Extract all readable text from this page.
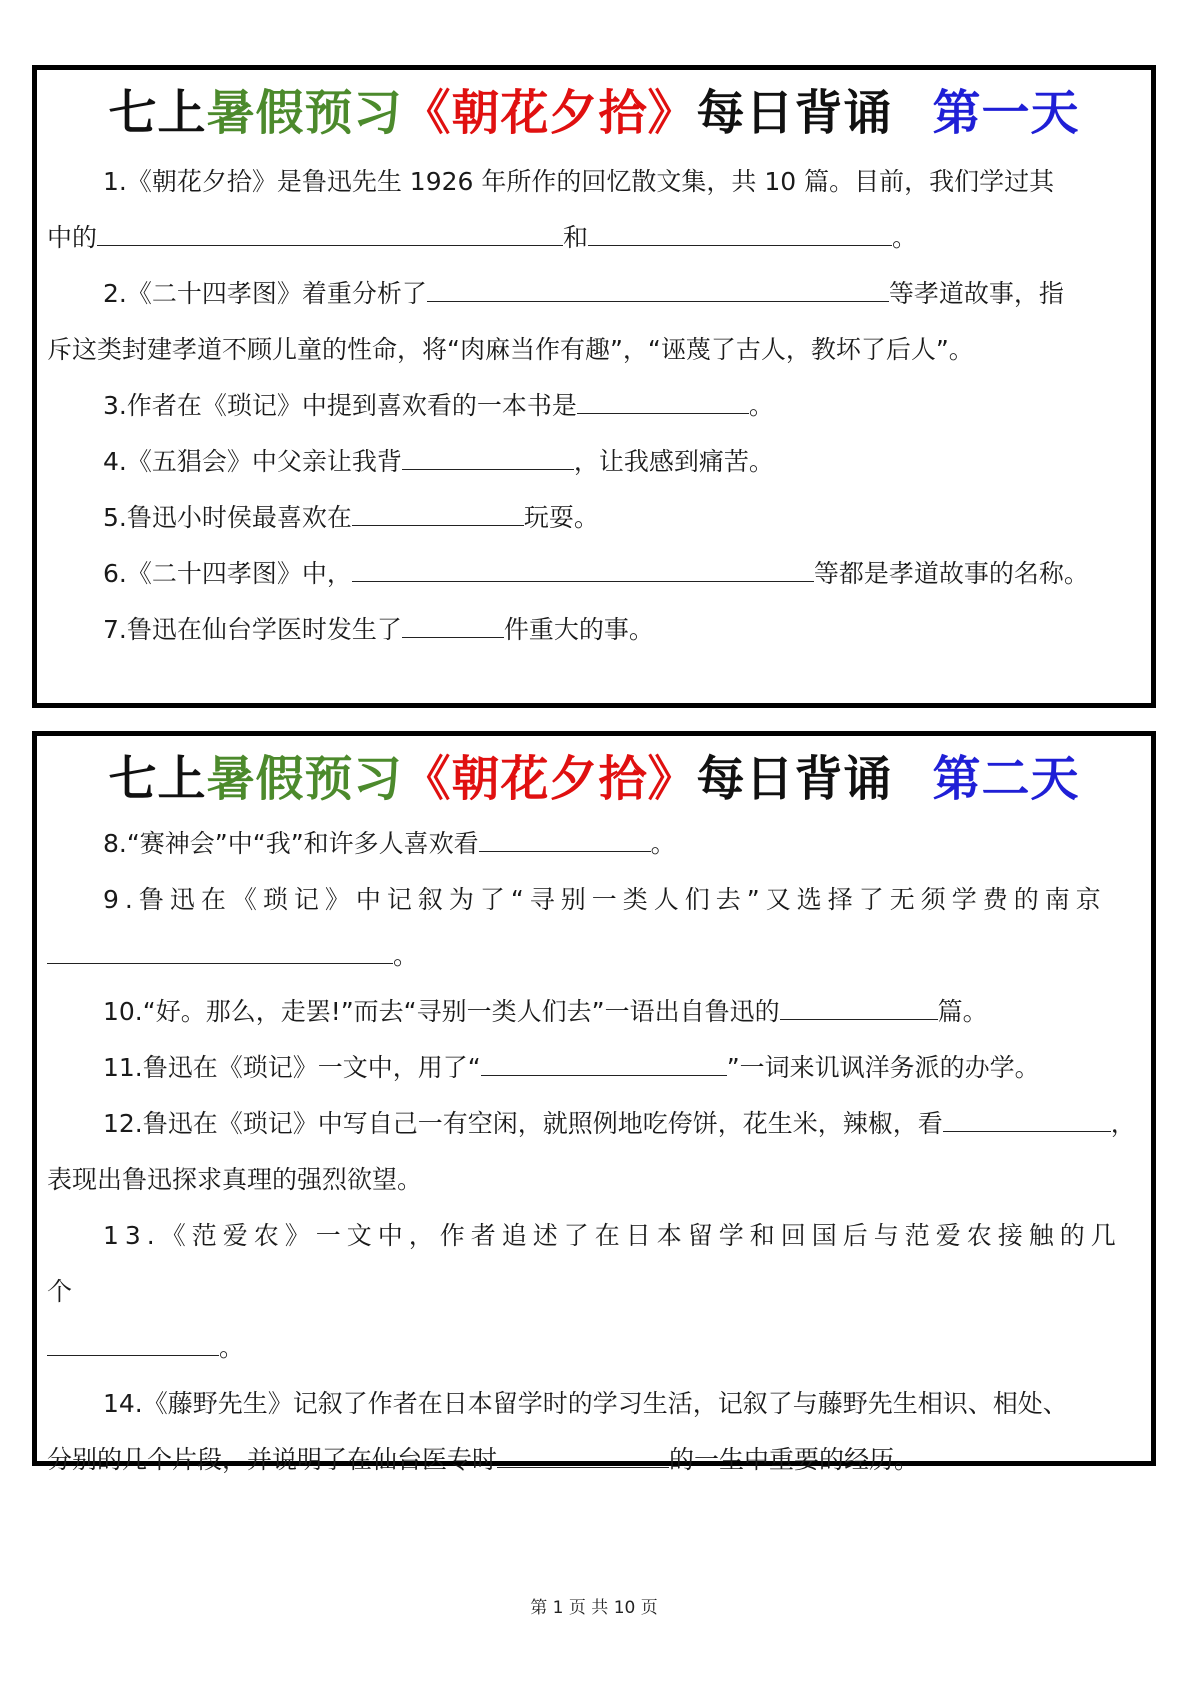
七上暑假预习《朝花夕拾》每日背诵 第一天

1.《朝花夕拾》是鲁迅先生 1926 年所作的回忆散文集，共 10 篇。目前，我们学过其

中的	和	。

2.《二十四孝图》着重分析了	等孝道故事，指

斥这类封建孝道不顾儿童的性命，将“肉麻当作有趣”，“诬蔑了古人，教坏了后人”。

3.作者在《琐记》中提到喜欢看的一本书是	。

4.《五猖会》中父亲让我背	，让我感到痛苦。

5.鲁迅小时侯最喜欢在	玩耍。

6.《二十四孝图》中，	等都是孝道故事的名称。

7.鲁迅在仙台学医时发生了	件重大的事。

七上暑假预习《朝花夕拾》每日背诵 第二天

8.“赛神会”中“我”和许多人喜欢看	。

9.鲁迅在《琐记》中记叙为了“寻别一类人们去”又选择了无须学费的南京

。

10.“好。那么，走罢!”而去“寻别一类人们去”一语出自鲁迅的	篇。

11.鲁迅在《琐记》一文中，用了“	”一词来讥讽洋务派的办学。

12.鲁迅在《琐记》中写自己一有空闲，就照例地吃侉饼，花生米，辣椒，看	，

表现出鲁迅探求真理的强烈欲望。

13.《范爱农》一文中，作者追述了在日本留学和回国后与范爱农接触的几个

。

14.《藤野先生》记叙了作者在日本留学时的学习生活，记叙了与藤野先生相识、相处、

分别的几个片段，并说明了在仙台医专时	的一生中重要的经历。

第 1 页 共 10 页
